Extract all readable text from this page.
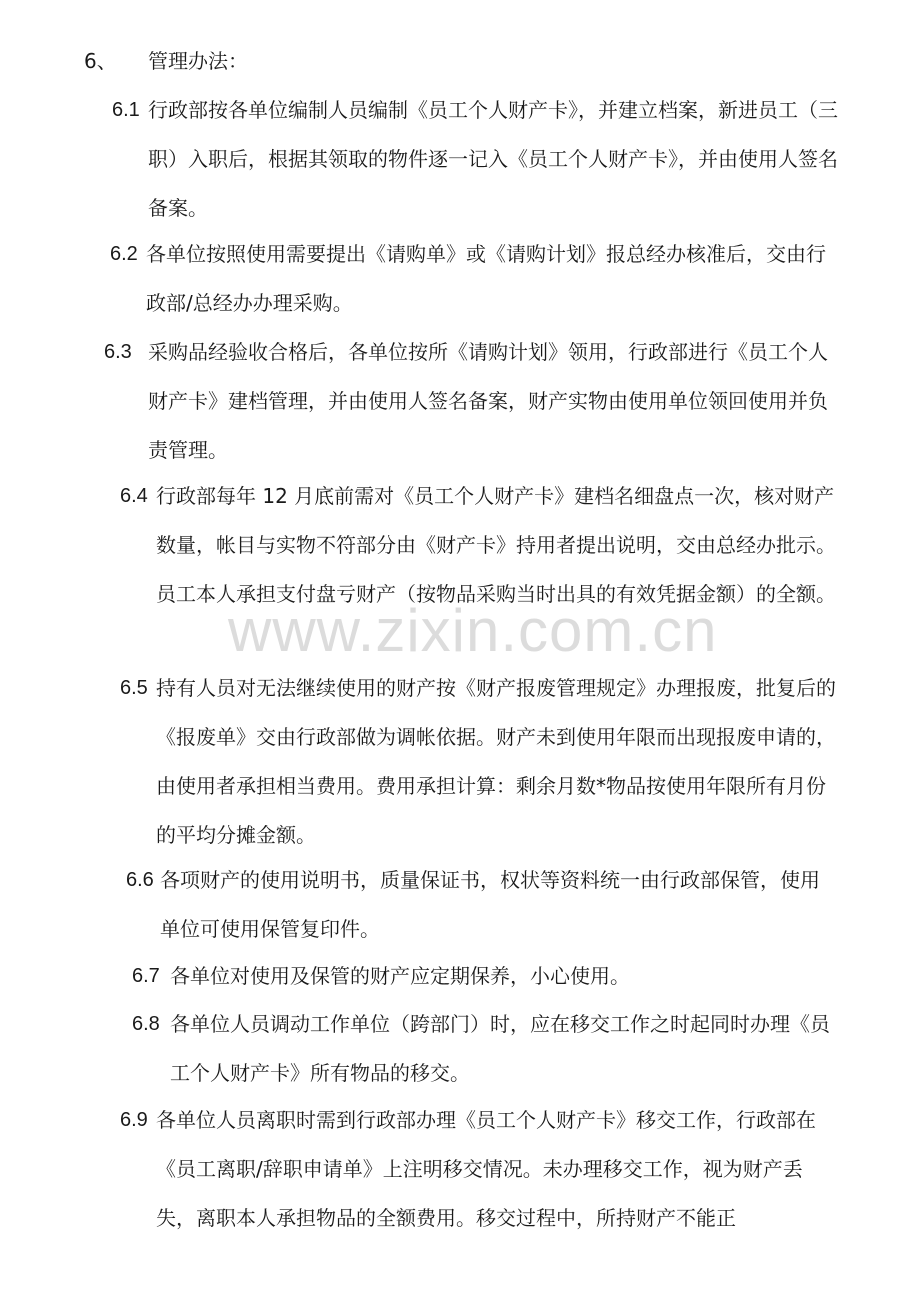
6、 管理办法：
6.1 行政部按各单位编制人员编制《员工个人财产卡》，并建立档案，新进员工（三职）入职后，根据其领取的物件逐一记入《员工个人财产卡》，并由使用人签名备案。
6.2 各单位按照使用需要提出《请购单》或《请购计划》报总经办核准后，交由行政部/总经办办理采购。
6.3 采购品经验收合格后，各单位按所《请购计划》领用，行政部进行《员工个人财产卡》建档管理，并由使用人签名备案，财产实物由使用单位领回使用并负责管理。
6.4 行政部每年 12 月底前需对《员工个人财产卡》建档名细盘点一次，核对财产数量，帐目与实物不符部分由《财产卡》持用者提出说明，交由总经办批示。员工本人承担支付盘亏财产（按物品采购当时出具的有效凭据金额）的全额。
6.5 持有人员对无法继续使用的财产按《财产报废管理规定》办理报废，批复后的《报废单》交由行政部做为调帐依据。财产未到使用年限而出现报废申请的，由使用者承担相当费用。费用承担计算：剩余月数*物品按使用年限所有月份的平均分摊金额。
6.6 各项财产的使用说明书，质量保证书，权状等资料统一由行政部保管，使用单位可使用保管复印件。
6.7 各单位对使用及保管的财产应定期保养，小心使用。
6.8 各单位人员调动工作单位（跨部门）时，应在移交工作之时起同时办理《员工个人财产卡》所有物品的移交。
6.9 各单位人员离职时需到行政部办理《员工个人财产卡》移交工作，行政部在《员工离职/辞职申请单》上注明移交情况。未办理移交工作，视为财产丢失，离职本人承担物品的全额费用。移交过程中，所持财产不能正
www.zixin.com.cn
